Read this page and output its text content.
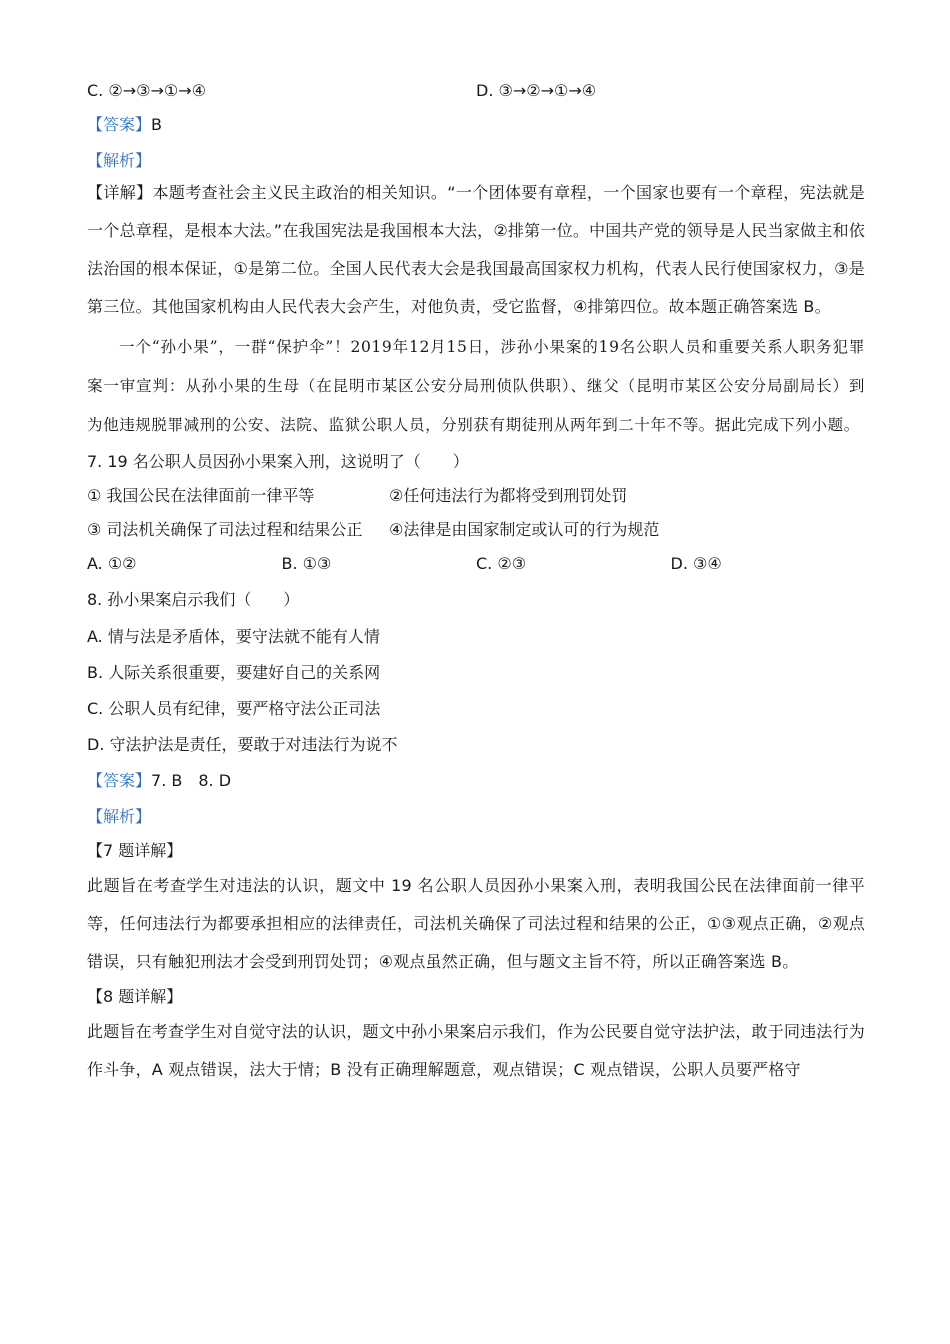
C. ②→③→①→④	D. ③→②→①→④
【答案】 B
【解析】
【详解】本题考查社会主义民主政治的相关知识。“一个团体要有章程，一个国家也要有一个章程，宪法就是一个总章程，是根本大法。”在我国宪法是我国根本大法，②排第一位。中国共产党的领导是人民当家做主和依法治国的根本保证，①是第二位。全国人民代表大会是我国最高国家权力机构，代表人民行使国家权力，③是第三位。其他国家机构由人民代表大会产生，对他负责，受它监督，④排第四位。故本题正确答案选 B。
一个“孙小果”，一群“保护伞”！2019年12月15日，涉孙小果案的19名公职人员和重要关系人职务犯罪案一审宣判：从孙小果的生母（在昆明市某区公安分局刑侦队供职）、继父（昆明市某区公安分局副局长）到为他违规脱罪减刑的公安、法院、监狱公职人员，分别获有期徒刑从两年到二十年不等。据此完成下列小题。
7. 19 名公职人员因孙小果案入刑，这说明了（　　）
① 我国公民在法律面前一律平等	②任何违法行为都将受到刑罚处罚
③ 司法机关确保了司法过程和结果公正	④法律是由国家制定或认可的行为规范
A. ①②	B. ①③	C. ②③	D. ③④
8. 孙小果案启示我们（　　）
A. 情与法是矛盾体，要守法就不能有人情
B. 人际关系很重要，要建好自己的关系网
C. 公职人员有纪律，要严格守法公正司法
D. 守法护法是责任，要敢于对违法行为说不
【答案】 7. B　8. D
【解析】
【7 题详解】
此题旨在考查学生对违法的认识，题文中 19 名公职人员因孙小果案入刑，表明我国公民在法律面前一律平等，任何违法行为都要承担相应的法律责任，司法机关确保了司法过程和结果的公正，①③观点正确，②观点错误，只有触犯刑法才会受到刑罚处罚；④观点虽然正确，但与题文主旨不符，所以正确答案选 B。
【8 题详解】
此题旨在考查学生对自觉守法的认识，题文中孙小果案启示我们，作为公民要自觉守法护法，敢于同违法行为作斗争，A 观点错误，法大于情；B 没有正确理解题意，观点错误；C 观点错误，公职人员要严格守
